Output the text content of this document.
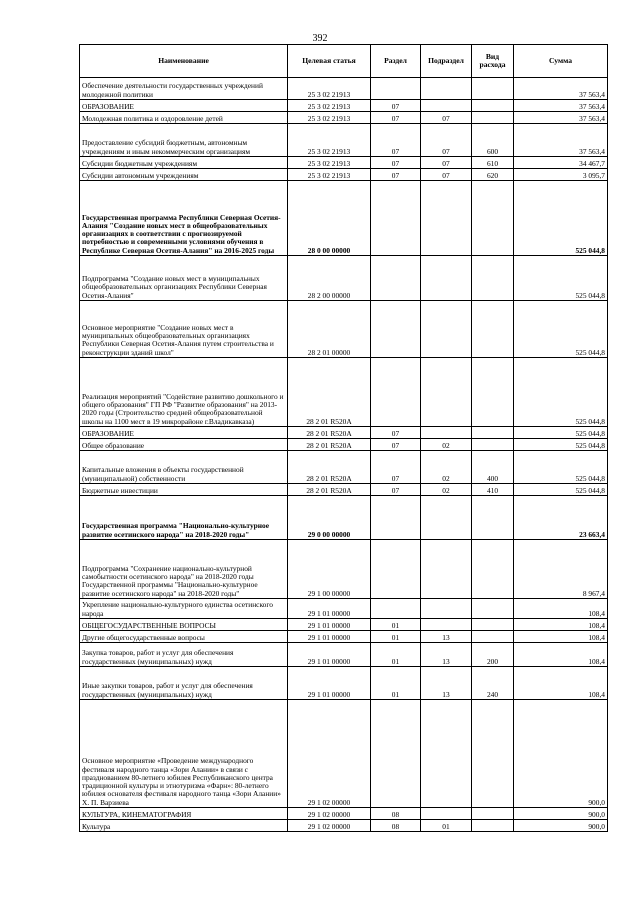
392
Наименование	Целевая статья	Раздел	Подраздел	Вид расхода	Сумма
Обеспечение деятельности государственных учреждений молодежной политики	25 3 02 21913				37 563,4
ОБРАЗОВАНИЕ	25 3 02 21913	07			37 563,4
Молодежная политика и оздоровление детей	25 3 02 21913	07	07		37 563,4
Предоставление субсидий бюджетным, автономным учреждениям и иным некоммерческим организациям	25 3 02 21913	07	07	600	37 563,4
Субсидии бюджетным учреждениям	25 3 02 21913	07	07	610	34 467,7
Субсидии автономным учреждениям	25 3 02 21913	07	07	620	3 095,7
Государственная программа Республики Северная Осетия-Алания "Создание новых мест в общеобразовательных организациях в соответствии с прогнозируемой потребностью и современными условиями обучения в Республике Северная Осетия-Алания" на 2016-2025 годы	28 0 00 00000				525 044,8
Подпрограмма "Создание новых мест в муниципальных общеобразовательных организациях Республики Северная Осетия-Алания"	28 2 00 00000				525 044,8
Основное мероприятие "Создание новых мест в муниципальных общеобразовательных организациях Республики Северная Осетия-Алания путем строительства и реконструкции зданий школ"	28 2 01 00000				525 044,8
Реализация мероприятий "Содействие развитию дошкольного и общего образования" ГП РФ "Развитие образования" на 2013-2020 годы (Строительство средней общеобразовательной школы на 1100 мест в 19 микрорайоне г.Владикавказа)	28 2 01 R520A				525 044,8
ОБРАЗОВАНИЕ	28 2 01 R520A	07			525 044,8
Общее образование	28 2 01 R520A	07	02		525 044,8
Капитальные вложения в объекты государственной (муниципальной) собственности	28 2 01 R520A	07	02	400	525 044,8
Бюджетные инвестиции	28 2 01 R520A	07	02	410	525 044,8
Государственная программа "Национально-культурное развитие осетинского народа" на 2018-2020 годы"	29 0 00 00000				23 663,4
Подпрограмма "Сохранение национально-культурной самобытности осетинского народа" на 2018-2020 годы Государственной программы "Национально-культурное развитие осетинского народа" на 2018-2020 годы"	29 1 00 00000				8 967,4
Укрепление национально-культурного единства осетинского народа	29 1 01 00000				108,4
ОБЩЕГОСУДАРСТВЕННЫЕ ВОПРОСЫ	29 1 01 00000	01			108,4
Другие общегосударственные вопросы	29 1 01 00000	01	13		108,4
Закупка товаров, работ и услуг для обеспечения государственных (муниципальных) нужд	29 1 01 00000	01	13	200	108,4
Иные закупки товаров, работ и услуг для обеспечения государственных (муниципальных) нужд	29 1 01 00000	01	13	240	108,4
Основное мероприятие «Проведение международного фестиваля народного танца «Зори Алании» в связи с празднованием 80-летнего юбилея Республиканского центра традиционной культуры и этнотуризма «Фарн»: 80-летнего юбилея основателя фестиваля народного танца «Зори Алании» Х. П. Варзиева	29 1 02 00000				900,0
КУЛЬТУРА, КИНЕМАТОГРАФИЯ	29 1 02 00000	08			900,0
Культура	29 1 02 00000	08	01		900,0
